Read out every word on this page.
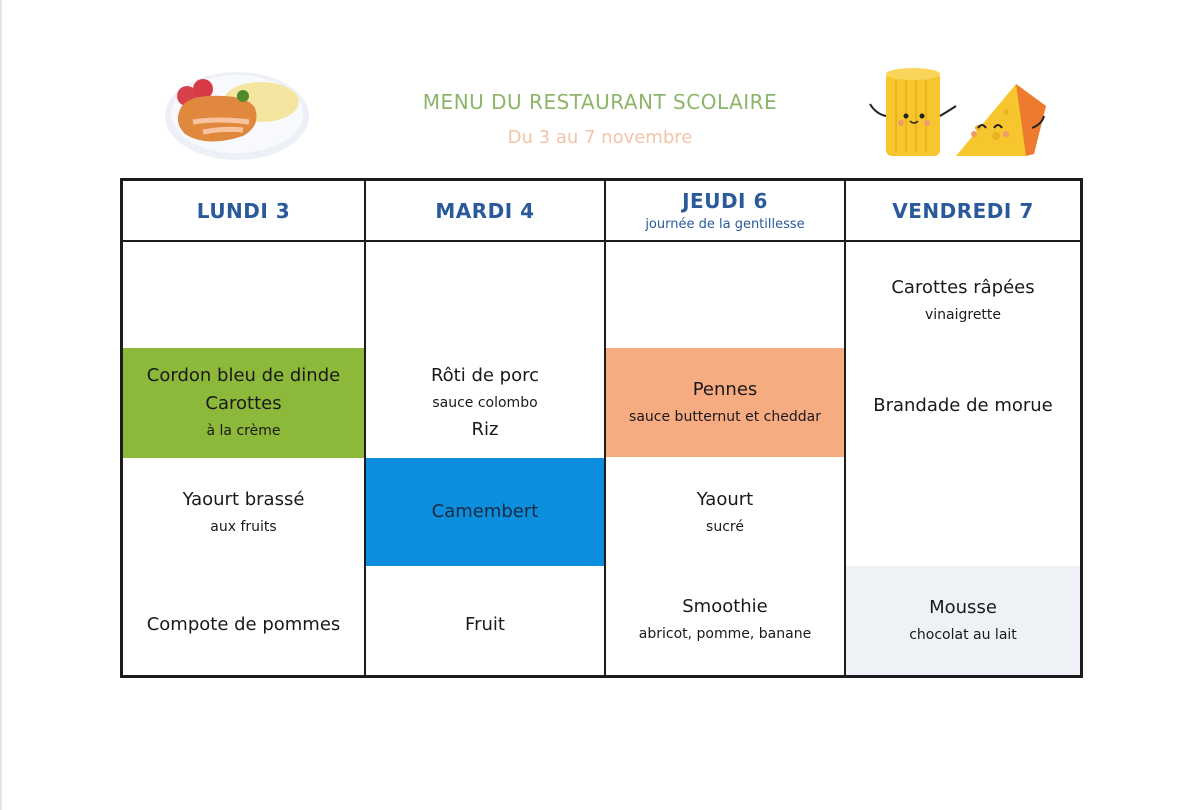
MENU DU RESTAURANT SCOLAIRE
Du 3 au 7 novembre
LUNDI 3
Cordon bleu de dinde
Carottes
à la crème
Yaourt brassé
aux fruits
Compote de pommes
MARDI 4
Rôti de porc
sauce colombo
Riz
Camembert
Fruit
JEUDI 6
journée de la gentillesse
Pennes
sauce butternut et cheddar
Yaourt
sucré
Smoothie
abricot, pomme, banane
VENDREDI 7
Carottes râpées
vinaigrette
Brandade de morue
Mousse
chocolat au lait
